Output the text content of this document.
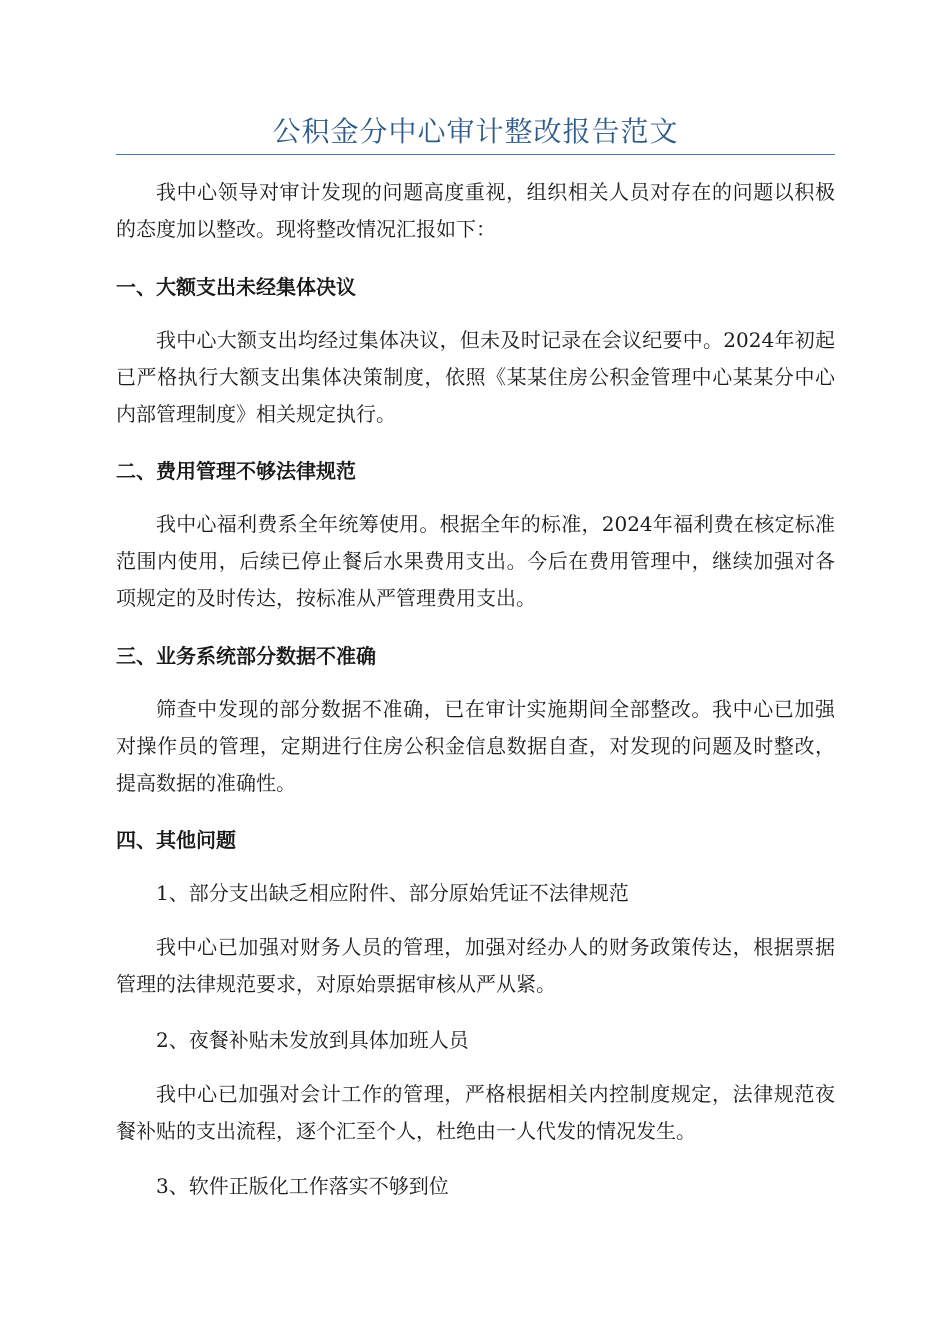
公积金分中心审计整改报告范文

我中心领导对审计发现的问题高度重视，组织相关人员对存在的问题以积极的态度加以整改。现将整改情况汇报如下：

一、大额支出未经集体决议

我中心大额支出均经过集体决议，但未及时记录在会议纪要中。2024年初起已严格执行大额支出集体决策制度，依照《某某住房公积金管理中心某某分中心内部管理制度》相关规定执行。

二、费用管理不够法律规范

我中心福利费系全年统筹使用。根据全年的标准，2024年福利费在核定标准范围内使用，后续已停止餐后水果费用支出。今后在费用管理中，继续加强对各项规定的及时传达，按标准从严管理费用支出。

三、业务系统部分数据不准确

筛查中发现的部分数据不准确，已在审计实施期间全部整改。我中心已加强对操作员的管理，定期进行住房公积金信息数据自查，对发现的问题及时整改，提高数据的准确性。

四、其他问题

1、部分支出缺乏相应附件、部分原始凭证不法律规范

我中心已加强对财务人员的管理，加强对经办人的财务政策传达，根据票据管理的法律规范要求，对原始票据审核从严从紧。

2、夜餐补贴未发放到具体加班人员

我中心已加强对会计工作的管理，严格根据相关内控制度规定，法律规范夜餐补贴的支出流程，逐个汇至个人，杜绝由一人代发的情况发生。

3、软件正版化工作落实不够到位
